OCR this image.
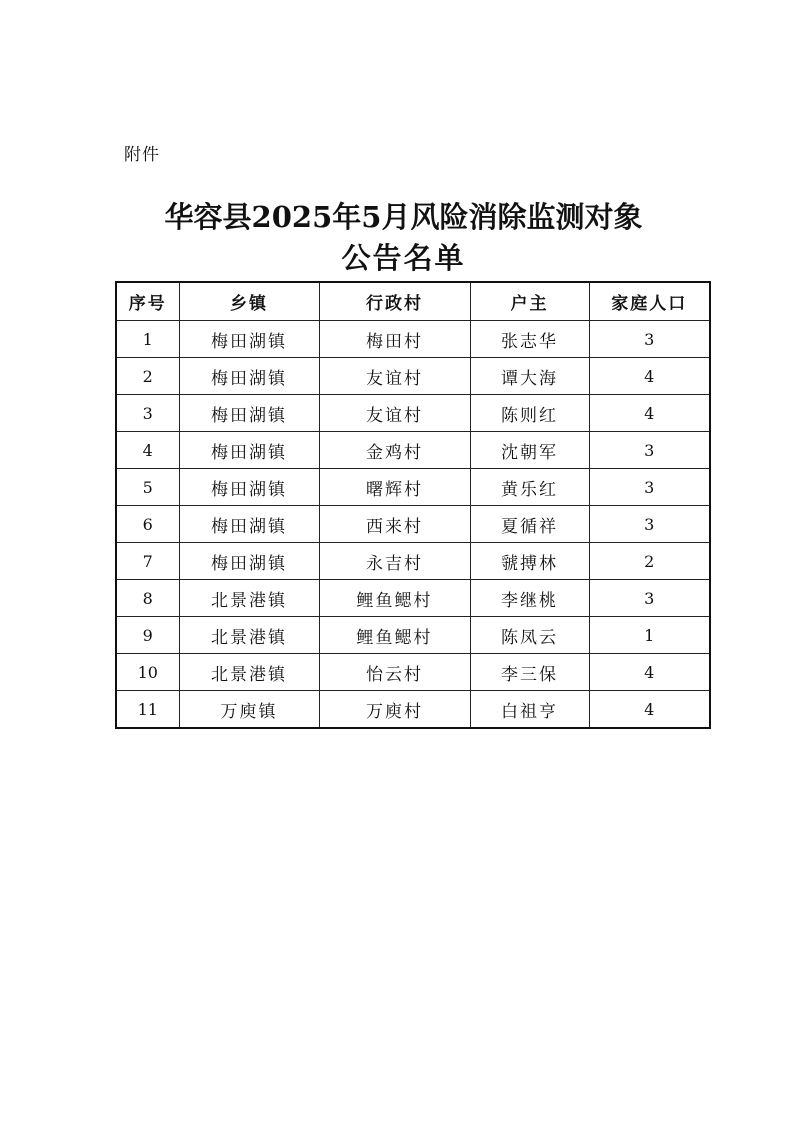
附件
华容县2025年5月风险消除监测对象
公告名单
序号	乡镇	行政村	户主	家庭人口
1	梅田湖镇	梅田村	张志华	3
2	梅田湖镇	友谊村	谭大海	4
3	梅田湖镇	友谊村	陈则红	4
4	梅田湖镇	金鸡村	沈朝军	3
5	梅田湖镇	曙辉村	黄乐红	3
6	梅田湖镇	西来村	夏循祥	3
7	梅田湖镇	永吉村	虢搏林	2
8	北景港镇	鲤鱼鳃村	李继桃	3
9	北景港镇	鲤鱼鳃村	陈凤云	1
10	北景港镇	怡云村	李三保	4
11	万庾镇	万庾村	白祖亨	4
